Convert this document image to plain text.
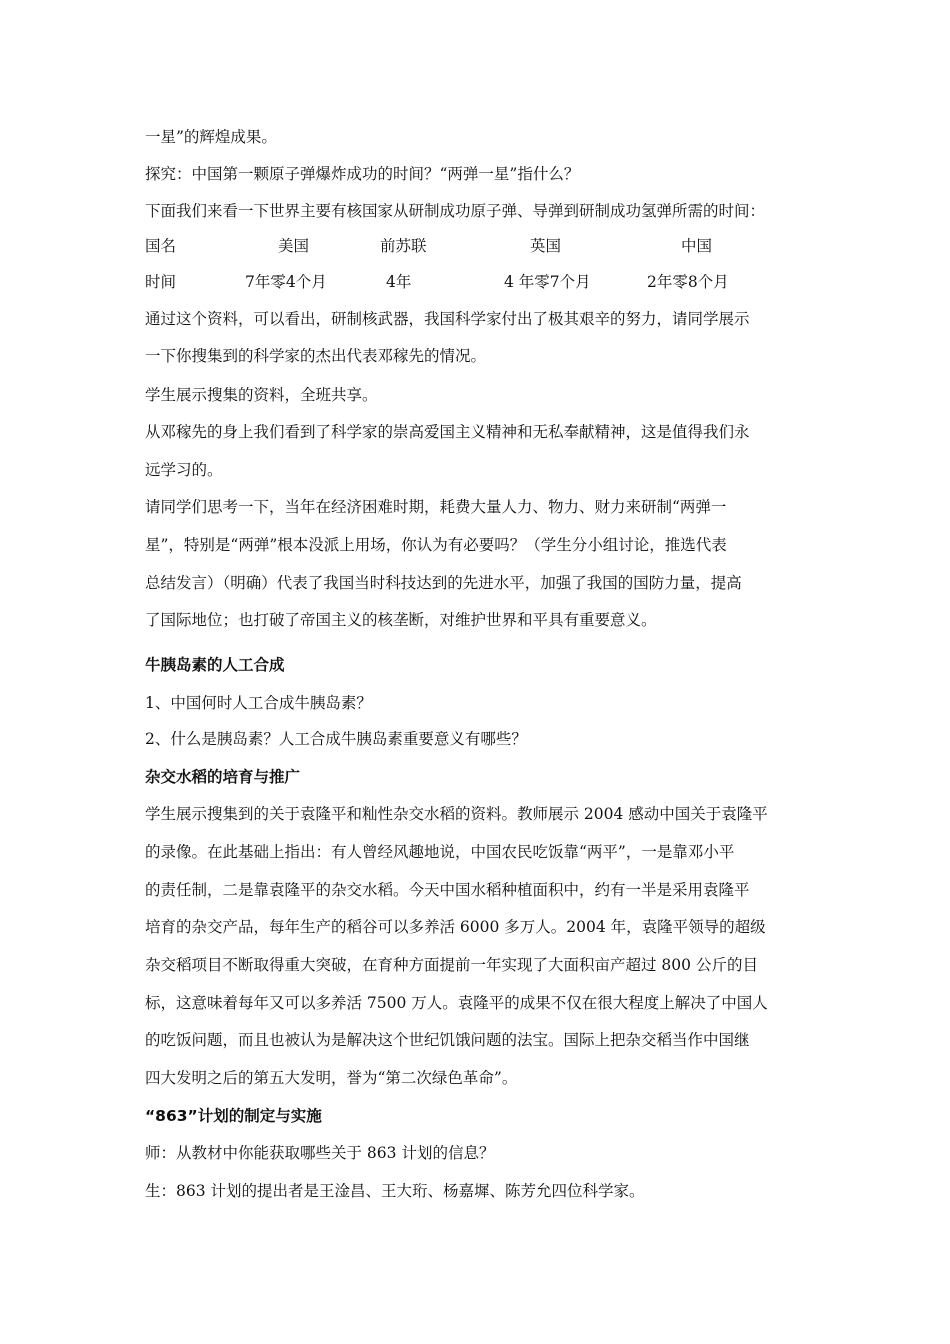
一星”的辉煌成果。

探究：中国第一颗原子弹爆炸成功的时间？“两弹一星”指什么？

下面我们来看一下世界主要有核国家从研制成功原子弹、导弹到研制成功氢弹所需的时间：

国名	美国	前苏联	英国	中国
时间	7年零4个月	4年	4 年零7个月	2年零8个月

通过这个资料，可以看出，研制核武器，我国科学家付出了极其艰辛的努力，请同学展示

一下你搜集到的科学家的杰出代表邓稼先的情况。

学生展示搜集的资料，全班共享。

从邓稼先的身上我们看到了科学家的崇高爱国主义精神和无私奉献精神，这是值得我们永

远学习的。

请同学们思考一下，当年在经济困难时期，耗费大量人力、物力、财力来研制“两弹一

星”，特别是“两弹”根本没派上用场，你认为有必要吗？（学生分小组讨论，推选代表

总结发言）（明确）代表了我国当时科技达到的先进水平，加强了我国的国防力量，提高

了国际地位；也打破了帝国主义的核垄断，对维护世界和平具有重要意义。

牛胰岛素的人工合成

1、中国何时人工合成牛胰岛素？

2、什么是胰岛素？人工合成牛胰岛素重要意义有哪些？

杂交水稻的培育与推广

学生展示搜集到的关于袁隆平和籼性杂交水稻的资料。教师展示 2004 感动中国关于袁隆平

的录像。在此基础上指出：有人曾经风趣地说，中国农民吃饭靠“两平”，一是靠邓小平

的责任制，二是靠袁隆平的杂交水稻。今天中国水稻种植面积中，约有一半是采用袁隆平

培育的杂交产品，每年生产的稻谷可以多养活 6000 多万人。2004 年，袁隆平领导的超级

杂交稻项目不断取得重大突破，在育种方面提前一年实现了大面积亩产超过 800 公斤的目

标，这意味着每年又可以多养活 7500 万人。袁隆平的成果不仅在很大程度上解决了中国人

的吃饭问题，而且也被认为是解决这个世纪饥饿问题的法宝。国际上把杂交稻当作中国继

四大发明之后的第五大发明，誉为“第二次绿色革命”。

“863”计划的制定与实施

师：从教材中你能获取哪些关于 863 计划的信息？

生：863 计划的提出者是王淦昌、王大珩、杨嘉墀、陈芳允四位科学家。
